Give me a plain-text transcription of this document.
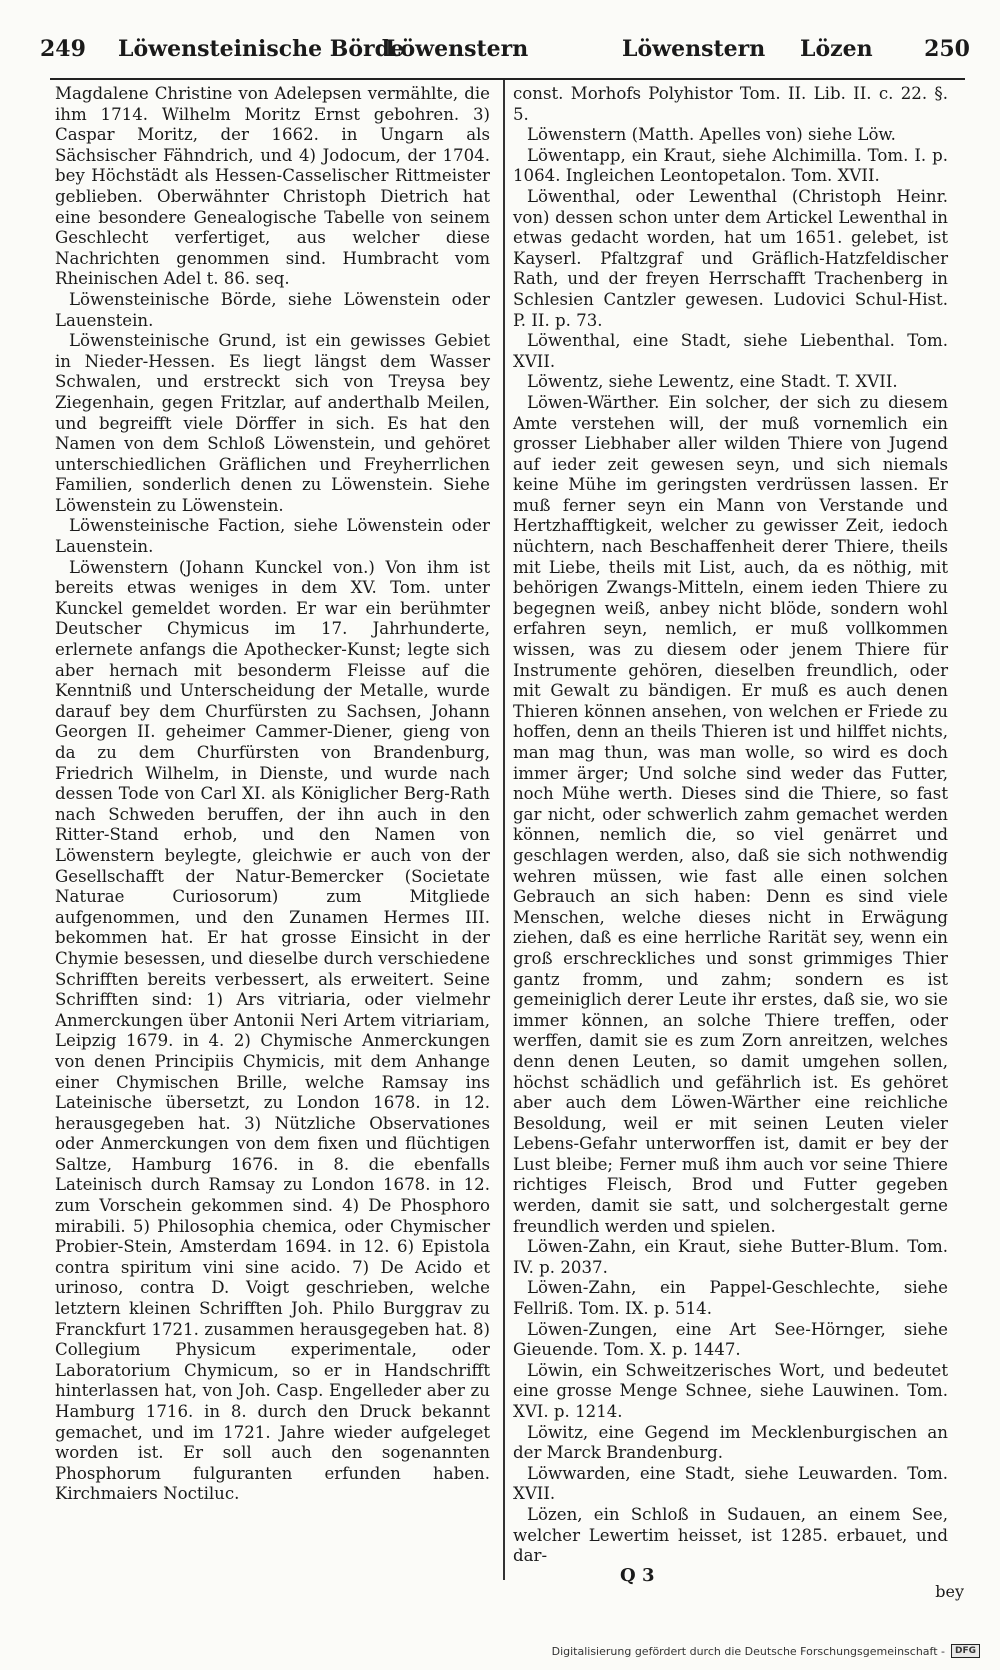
249 Löwensteinische Börde
Löwenstern	Löwenstern Lözen 250

Magdalene Christine von Adelepsen vermählte, die ihm 1714. Wilhelm Moritz Ernst gebohren. 3) Caspar Moritz, der 1662. in Ungarn als Sächsischer Fähndrich, und 4) Jodocum, der 1704. bey Höchstädt als Hessen-Casselischer Rittmeister geblieben. Oberwähnter Christoph Dietrich hat eine besondere Genealogische Tabelle von seinem Geschlecht verfertiget, aus welcher diese Nachrichten genommen sind. Humbracht vom Rheinischen Adel t. 86. seq.

Löwensteinische Börde, siehe Löwenstein oder Lauenstein.

Löwensteinische Grund, ist ein gewisses Gebiet in Nieder-Hessen. Es liegt längst dem Wasser Schwalen, und erstreckt sich von Treysa bey Ziegenhain, gegen Fritzlar, auf anderthalb Meilen, und begreifft viele Dörffer in sich. Es hat den Namen von dem Schloß Löwenstein, und gehöret unterschiedlichen Gräflichen und Freyherrlichen Familien, sonderlich denen zu Löwenstein. Siehe Löwenstein zu Löwenstein.

Löwensteinische Faction, siehe Löwenstein oder Lauenstein.

Löwenstern (Johann Kunckel von.) Von ihm ist bereits etwas weniges in dem XV. Tom. unter Kunckel gemeldet worden. Er war ein berühmter Deutscher Chymicus im 17. Jahrhunderte, erlernete anfangs die Apothecker-Kunst; legte sich aber hernach mit besonderm Fleisse auf die Kenntniß und Unterscheidung der Metalle, wurde darauf bey dem Churfürsten zu Sachsen, Johann Georgen II. geheimer Cammer-Diener, gieng von da zu dem Churfürsten von Brandenburg, Friedrich Wilhelm, in Dienste, und wurde nach dessen Tode von Carl XI. als Königlicher Berg-Rath nach Schweden beruffen, der ihn auch in den Ritter-Stand erhob, und den Namen von Löwenstern beylegte, gleichwie er auch von der Gesellschafft der Natur-Bemercker (Societate Naturae Curiosorum) zum Mitgliede aufgenommen, und den Zunamen Hermes III. bekommen hat. Er hat grosse Einsicht in der Chymie besessen, und dieselbe durch verschiedene Schrifften bereits verbessert, als erweitert. Seine Schrifften sind: 1) Ars vitriaria, oder vielmehr Anmerckungen über Antonii Neri Artem vitriariam, Leipzig 1679. in 4. 2) Chymische Anmerckungen von denen Principiis Chymicis, mit dem Anhange einer Chymischen Brille, welche Ramsay ins Lateinische übersetzt, zu London 1678. in 12. herausgegeben hat. 3) Nützliche Observationes oder Anmerckungen von dem fixen und flüchtigen Saltze, Hamburg 1676. in 8. die ebenfalls Lateinisch durch Ramsay zu London 1678. in 12. zum Vorschein gekommen sind. 4) De Phosphoro mirabili. 5) Philosophia chemica, oder Chymischer Probier-Stein, Amsterdam 1694. in 12. 6) Epistola contra spiritum vini sine acido. 7) De Acido et urinoso, contra D. Voigt geschrieben, welche letztern kleinen Schrifften Joh. Philo Burggrav zu Franckfurt 1721. zusammen herausgegeben hat. 8) Collegium Physicum experimentale, oder Laboratorium Chymicum, so er in Handschrifft hinterlassen hat, von Joh. Casp. Engelleder aber zu Hamburg 1716. in 8. durch den Druck bekannt gemachet, und im 1721. Jahre wieder aufgeleget worden ist. Er soll auch den sogenannten Phosphorum fulguranten erfunden haben. Kirchmaiers Noctiluc.

const. Morhofs Polyhistor Tom. II. Lib. II. c. 22. §. 5.

Löwenstern (Matth. Apelles von) siehe Löw.

Löwentapp, ein Kraut, siehe Alchimilla. Tom. I. p. 1064. Ingleichen Leontopetalon. Tom. XVII.

Löwenthal, oder Lewenthal (Christoph Heinr. von) dessen schon unter dem Artickel Lewenthal in etwas gedacht worden, hat um 1651. gelebet, ist Kayserl. Pfaltzgraf und Gräflich-Hatzfeldischer Rath, und der freyen Herrschafft Trachenberg in Schlesien Cantzler gewesen. Ludovici Schul-Hist. P. II. p. 73.

Löwenthal, eine Stadt, siehe Liebenthal. Tom. XVII.

Löwentz, siehe Lewentz, eine Stadt. T. XVII.

Löwen-Wärther. Ein solcher, der sich zu diesem Amte verstehen will, der muß vornemlich ein grosser Liebhaber aller wilden Thiere von Jugend auf ieder zeit gewesen seyn, und sich niemals keine Mühe im geringsten verdrüssen lassen. Er muß ferner seyn ein Mann von Verstande und Hertzhafftigkeit, welcher zu gewisser Zeit, iedoch nüchtern, nach Beschaffenheit derer Thiere, theils mit Liebe, theils mit List, auch, da es nöthig, mit behörigen Zwangs-Mitteln, einem ieden Thiere zu begegnen weiß, anbey nicht blöde, sondern wohl erfahren seyn, nemlich, er muß vollkommen wissen, was zu diesem oder jenem Thiere für Instrumente gehören, dieselben freundlich, oder mit Gewalt zu bändigen. Er muß es auch denen Thieren können ansehen, von welchen er Friede zu hoffen, denn an theils Thieren ist und hilffet nichts, man mag thun, was man wolle, so wird es doch immer ärger; Und solche sind weder das Futter, noch Mühe werth. Dieses sind die Thiere, so fast gar nicht, oder schwerlich zahm gemachet werden können, nemlich die, so viel genärret und geschlagen werden, also, daß sie sich nothwendig wehren müssen, wie fast alle einen solchen Gebrauch an sich haben: Denn es sind viele Menschen, welche dieses nicht in Erwägung ziehen, daß es eine herrliche Rarität sey, wenn ein groß erschreckliches und sonst grimmiges Thier gantz fromm, und zahm; sondern es ist gemeiniglich derer Leute ihr erstes, daß sie, wo sie immer können, an solche Thiere treffen, oder werffen, damit sie es zum Zorn anreitzen, welches denn denen Leuten, so damit umgehen sollen, höchst schädlich und gefährlich ist. Es gehöret aber auch dem Löwen-Wärther eine reichliche Besoldung, weil er mit seinen Leuten vieler Lebens-Gefahr unterworffen ist, damit er bey der Lust bleibe; Ferner muß ihm auch vor seine Thiere richtiges Fleisch, Brod und Futter gegeben werden, damit sie satt, und solchergestalt gerne freundlich werden und spielen.

Löwen-Zahn, ein Kraut, siehe Butter-Blum. Tom. IV. p. 2037.

Löwen-Zahn, ein Pappel-Geschlechte, siehe Fellriß. Tom. IX. p. 514.

Löwen-Zungen, eine Art See-Hörnger, siehe Gieuende. Tom. X. p. 1447.

Löwin, ein Schweitzerisches Wort, und bedeutet eine grosse Menge Schnee, siehe Lauwinen. Tom. XVI. p. 1214.

Löwitz, eine Gegend im Mecklenburgischen an der Marck Brandenburg.

Löwwarden, eine Stadt, siehe Leuwarden. Tom. XVII.

Lözen, ein Schloß in Sudauen, an einem See, welcher Lewertim heisset, ist 1285. erbauet, und dar-

Q 3
bey
Digitalisierung gefördert durch die Deutsche Forschungsgemeinschaft -	DFG
